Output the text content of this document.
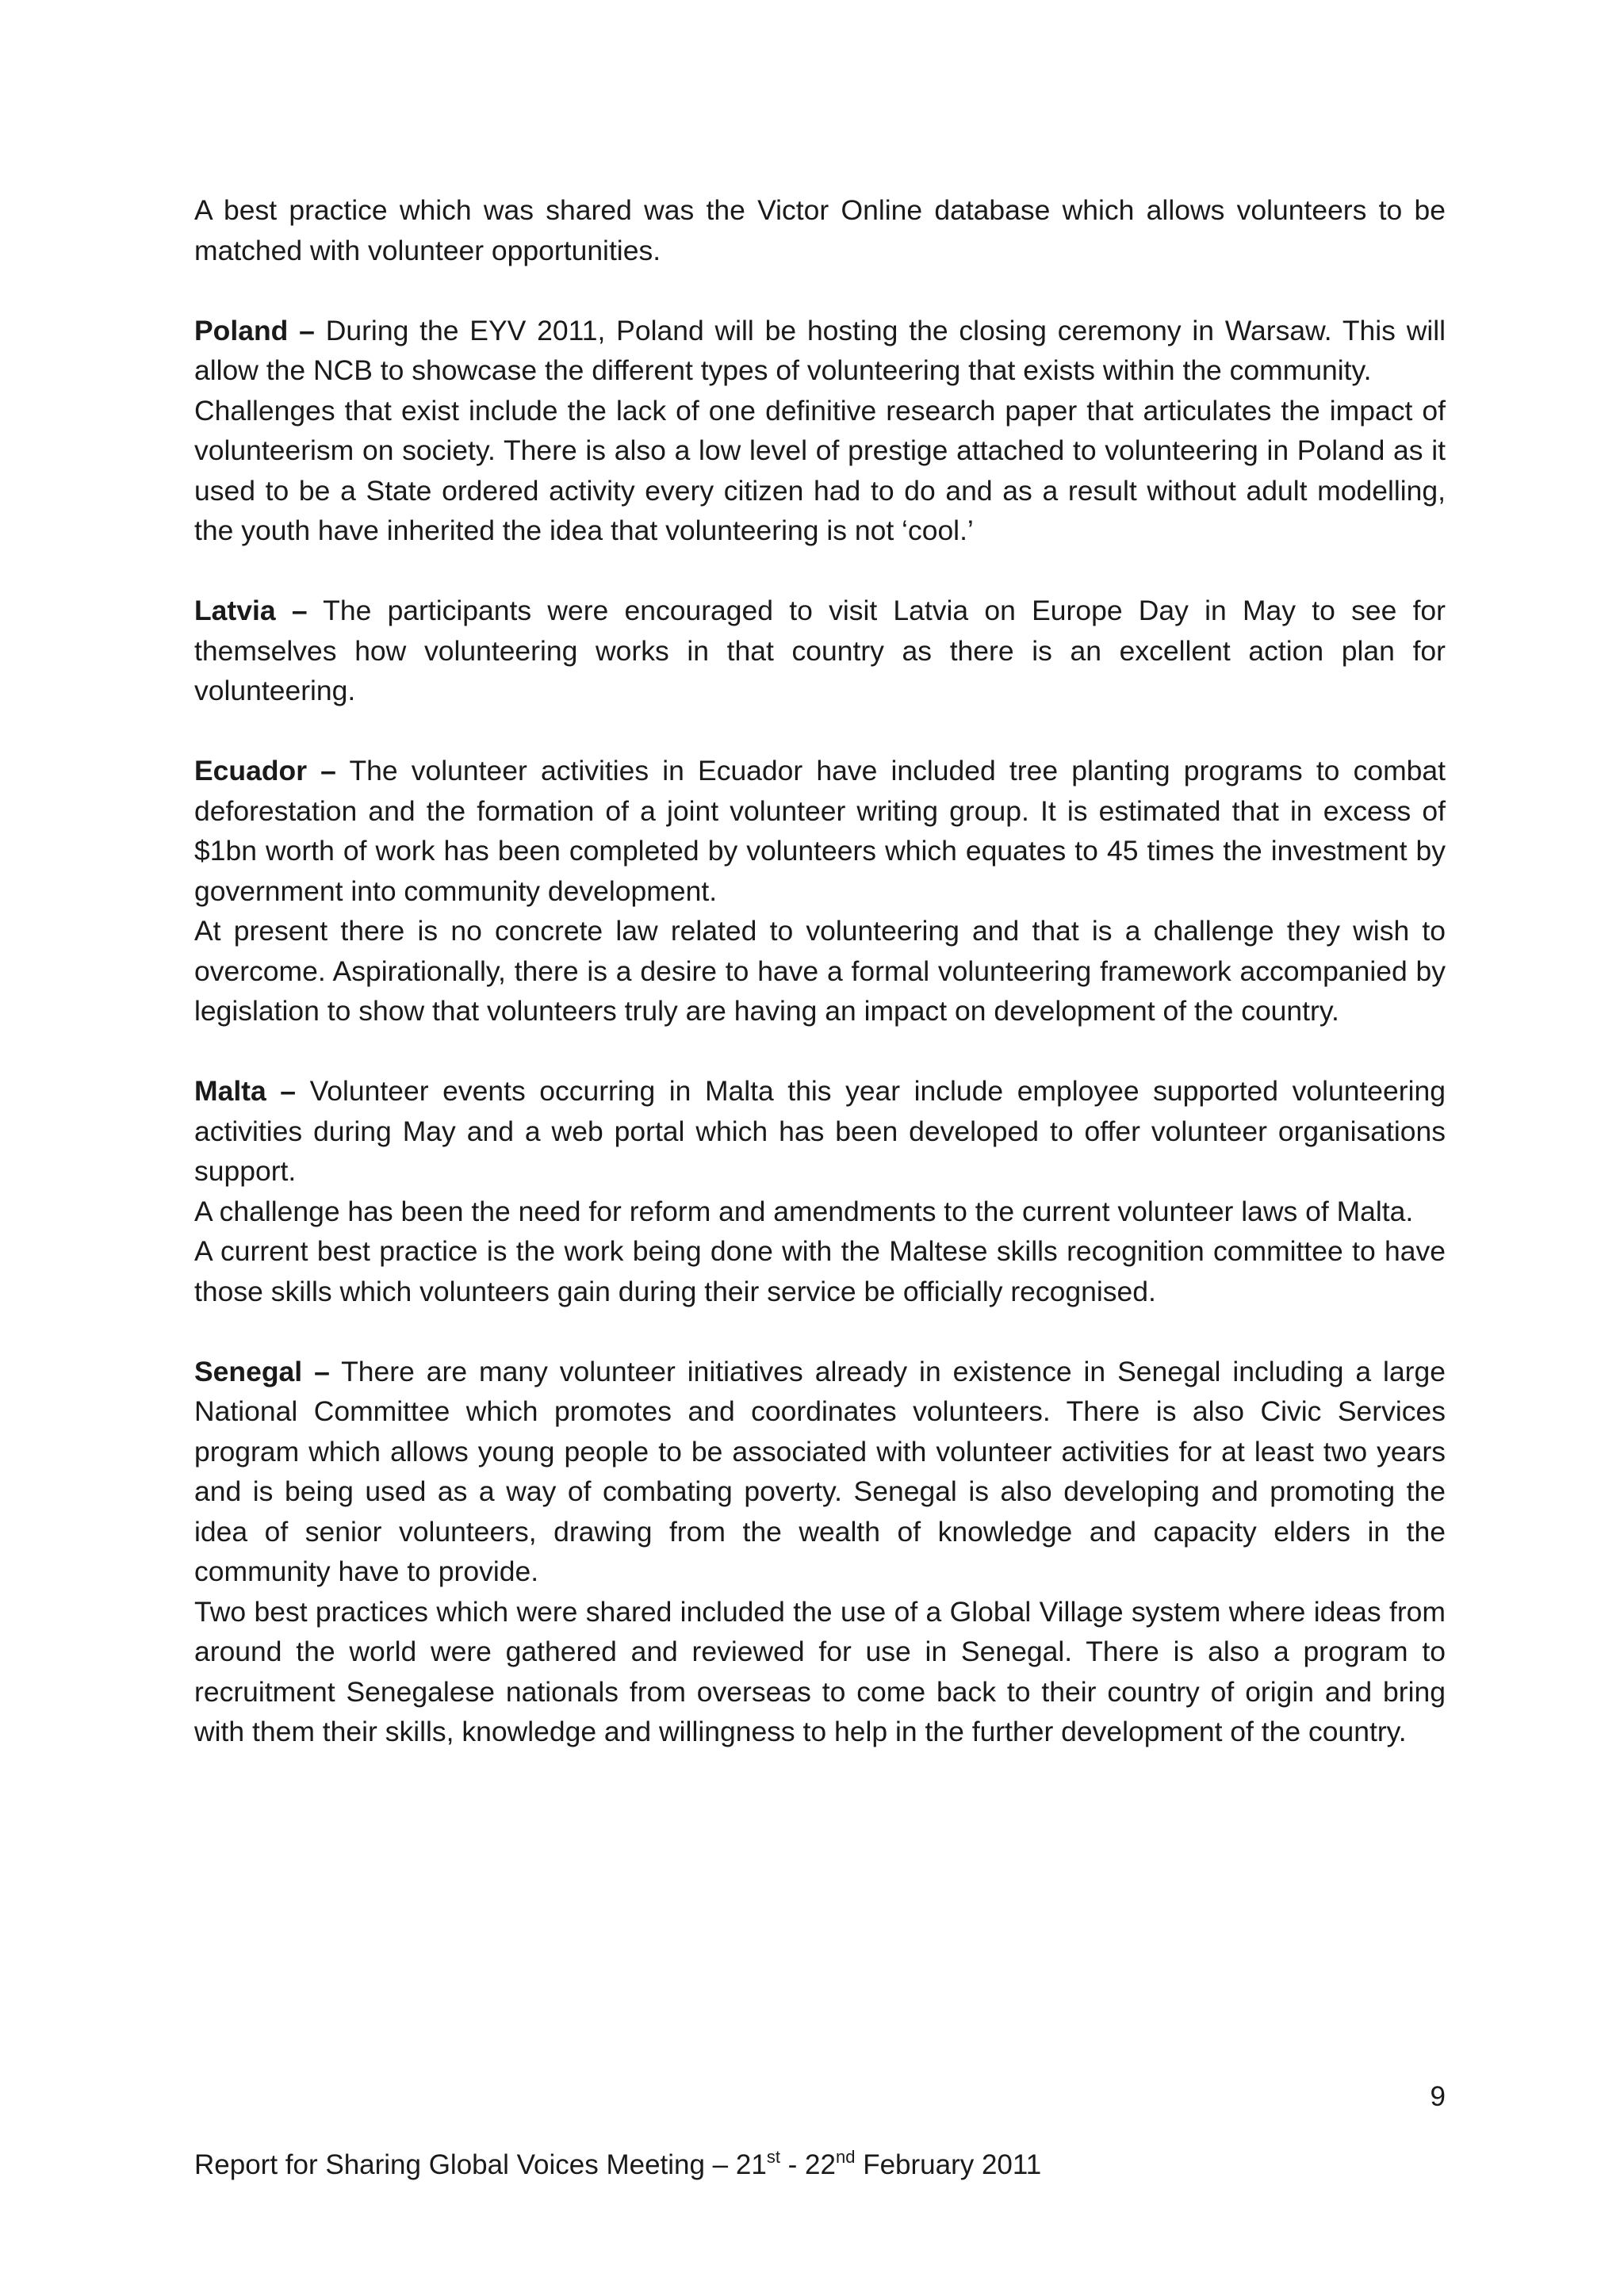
A best practice which was shared was the Victor Online database which allows volunteers to be matched with volunteer opportunities.

Poland – During the EYV 2011, Poland will be hosting the closing ceremony in Warsaw. This will allow the NCB to showcase the different types of volunteering that exists within the community.

Challenges that exist include the lack of one definitive research paper that articulates the impact of volunteerism on society. There is also a low level of prestige attached to volunteering in Poland as it used to be a State ordered activity every citizen had to do and as a result without adult modelling, the youth have inherited the idea that volunteering is not ‘cool.’

Latvia – The participants were encouraged to visit Latvia on Europe Day in May to see for themselves how volunteering works in that country as there is an excellent action plan for volunteering.

Ecuador – The volunteer activities in Ecuador have included tree planting programs to combat deforestation and the formation of a joint volunteer writing group. It is estimated that in excess of $1bn worth of work has been completed by volunteers which equates to 45 times the investment by government into community development.

At present there is no concrete law related to volunteering and that is a challenge they wish to overcome. Aspirationally, there is a desire to have a formal volunteering framework accompanied by legislation to show that volunteers truly are having an impact on development of the country.

Malta – Volunteer events occurring in Malta this year include employee supported volunteering activities during May and a web portal which has been developed to offer volunteer organisations support.

A challenge has been the need for reform and amendments to the current volunteer laws of Malta.

A current best practice is the work being done with the Maltese skills recognition committee to have those skills which volunteers gain during their service be officially recognised.

Senegal – There are many volunteer initiatives already in existence in Senegal including a large National Committee which promotes and coordinates volunteers. There is also Civic Services program which allows young people to be associated with volunteer activities for at least two years and is being used as a way of combating poverty. Senegal is also developing and promoting the idea of senior volunteers, drawing from the wealth of knowledge and capacity elders in the community have to provide.

Two best practices which were shared included the use of a Global Village system where ideas from around the world were gathered and reviewed for use in Senegal. There is also a program to recruitment Senegalese nationals from overseas to come back to their country of origin and bring with them their skills, knowledge and willingness to help in the further development of the country.

9
Report for Sharing Global Voices Meeting – 21st - 22nd February 2011
